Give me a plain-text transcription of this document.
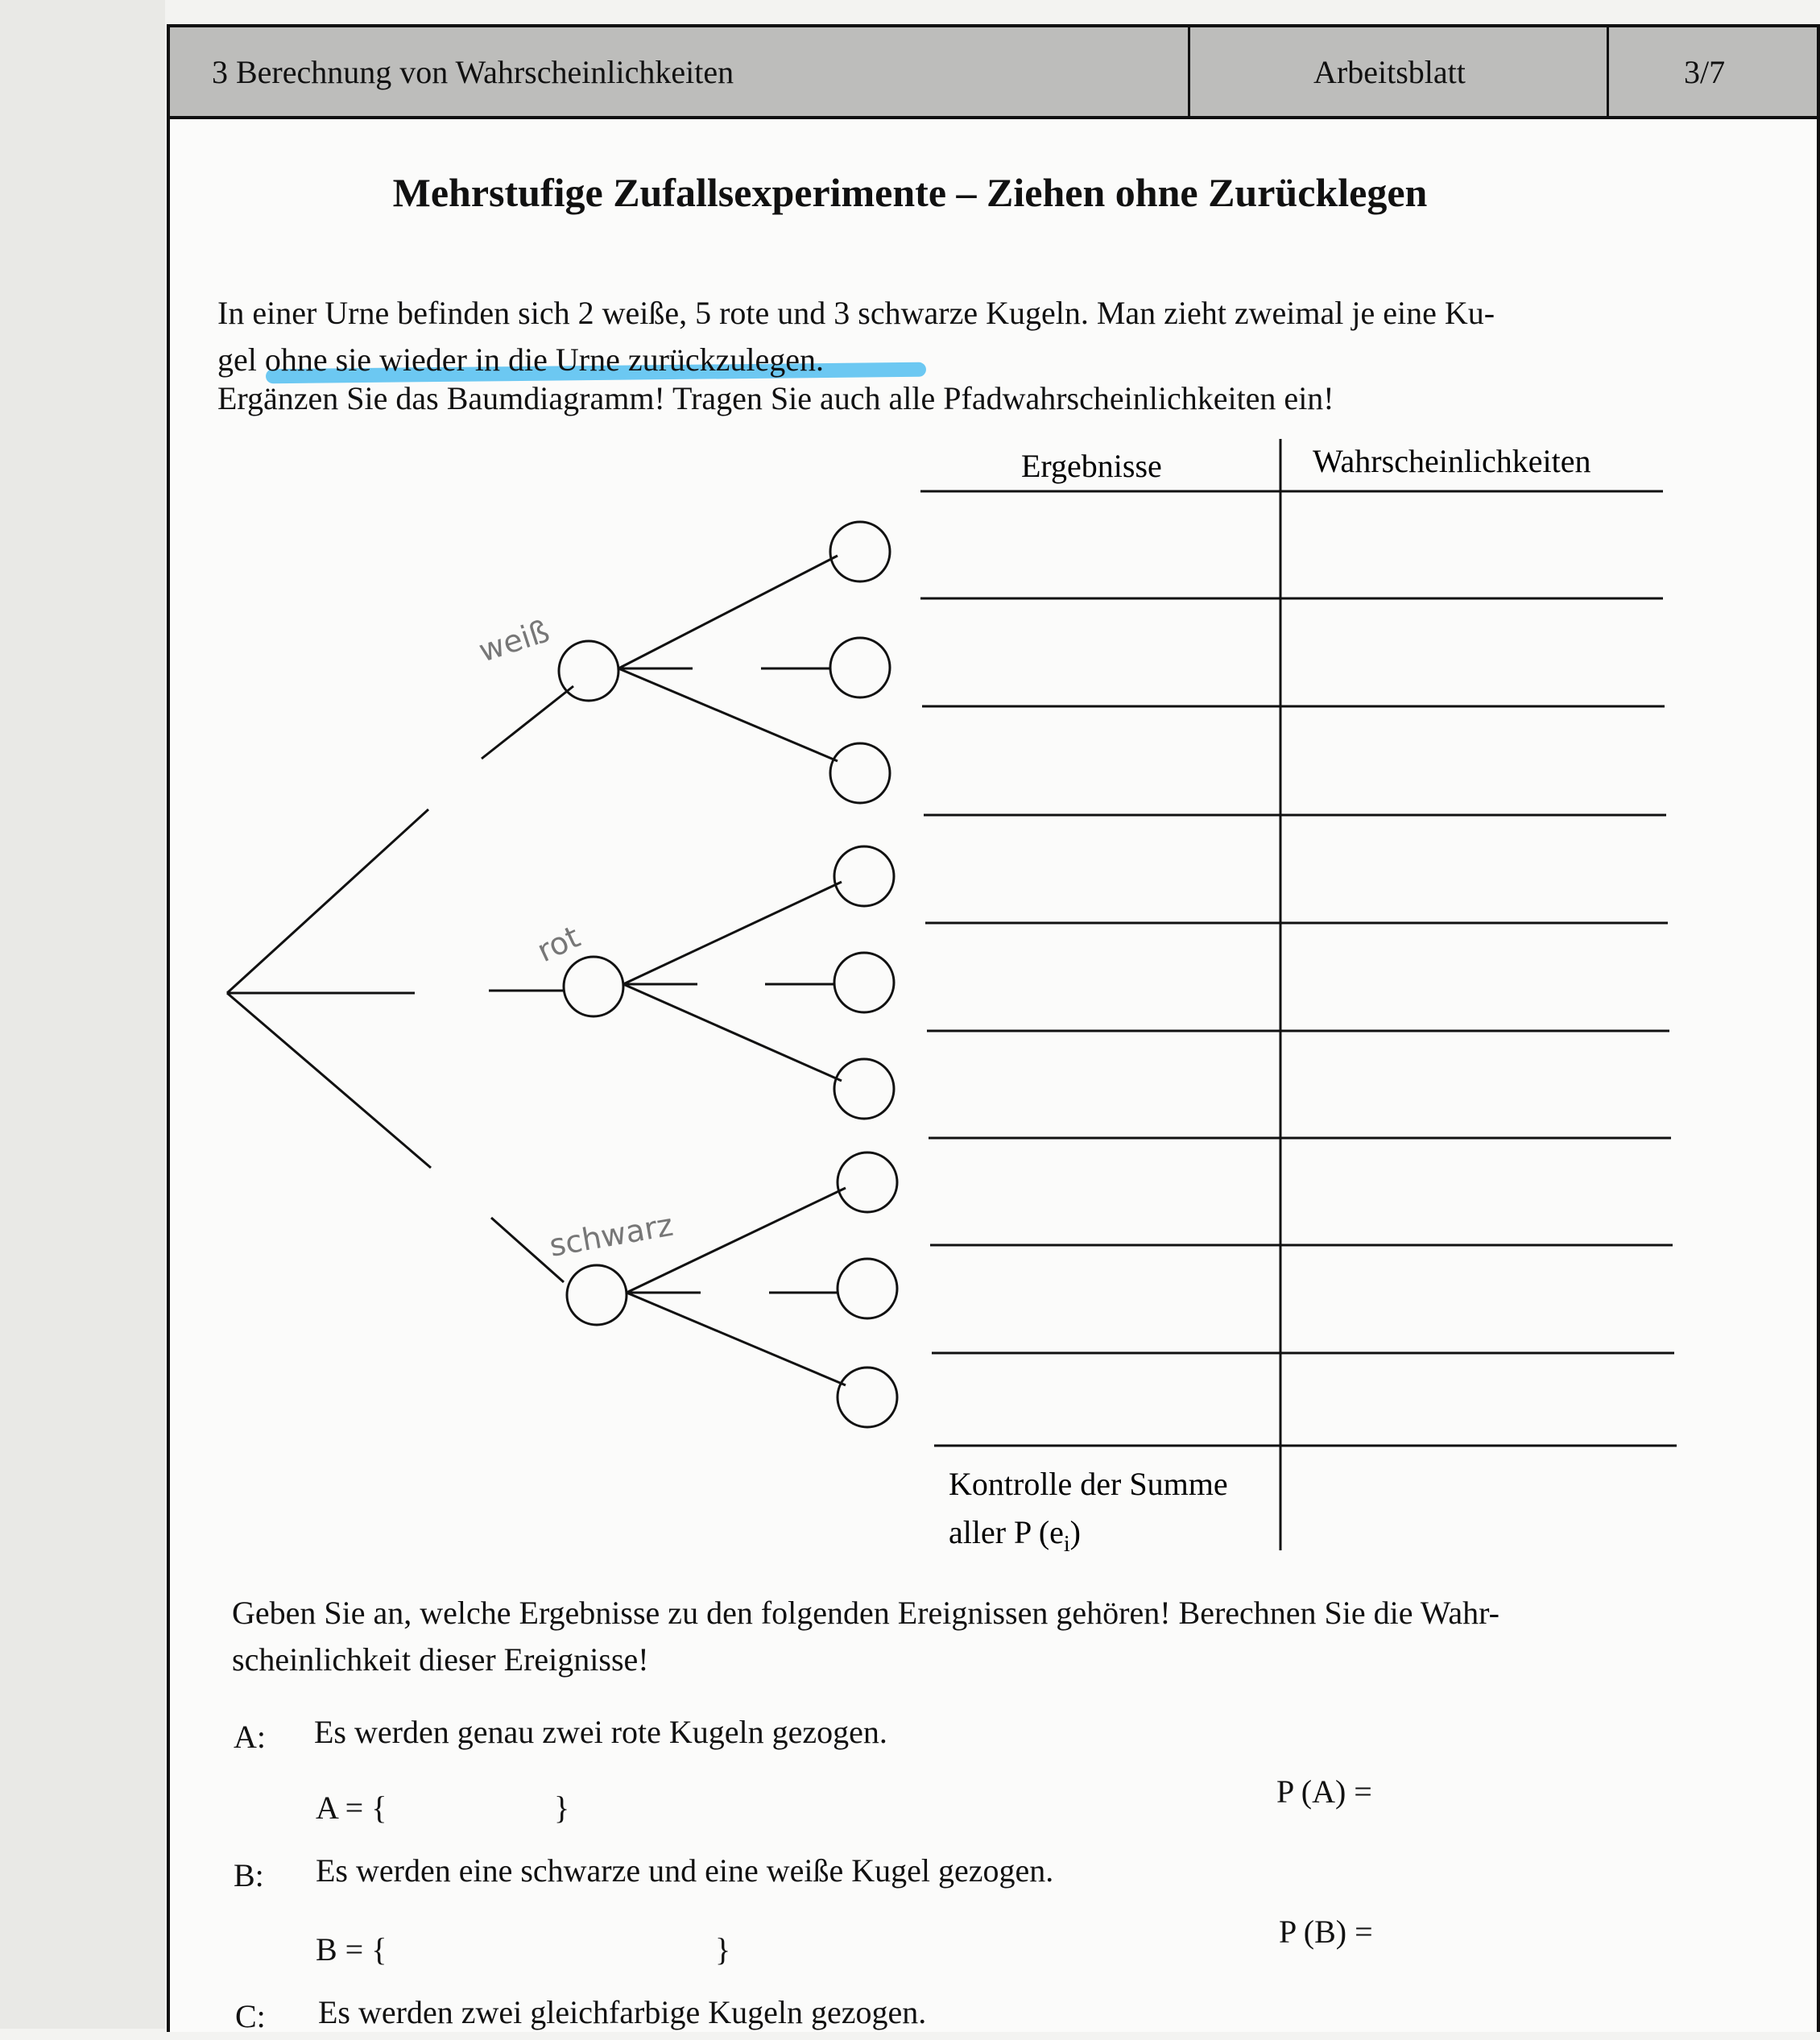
3 Berechnung von Wahrscheinlichkeiten	Arbeitsblatt	3/7
Mehrstufige Zufallsexperimente – Ziehen ohne Zurücklegen
In einer Urne befinden sich 2 weiße, 5 rote und 3 schwarze Kugeln. Man zieht zweimal je eine Ku-
gel ohne sie wieder in die Urne zurückzulegen.
Ergänzen Sie das Baumdiagramm! Tragen Sie auch alle Pfadwahrscheinlichkeiten ein!
Ergebnisse	Wahrscheinlichkeiten
Kontrolle der Summe
aller P $(e_i)$
weiß
rot
schwarz
Geben Sie an, welche Ergebnisse zu den folgenden Ereignissen gehören! Berechnen Sie die Wahr-
scheinlichkeit dieser Ereignisse!
A: Es werden genau zwei rote Kugeln gezogen.
A = {	}	P (A) =
B: Es werden eine schwarze und eine weiße Kugel gezogen.
B = {	}	P (B) =
C: Es werden zwei gleichfarbige Kugeln gezogen.
